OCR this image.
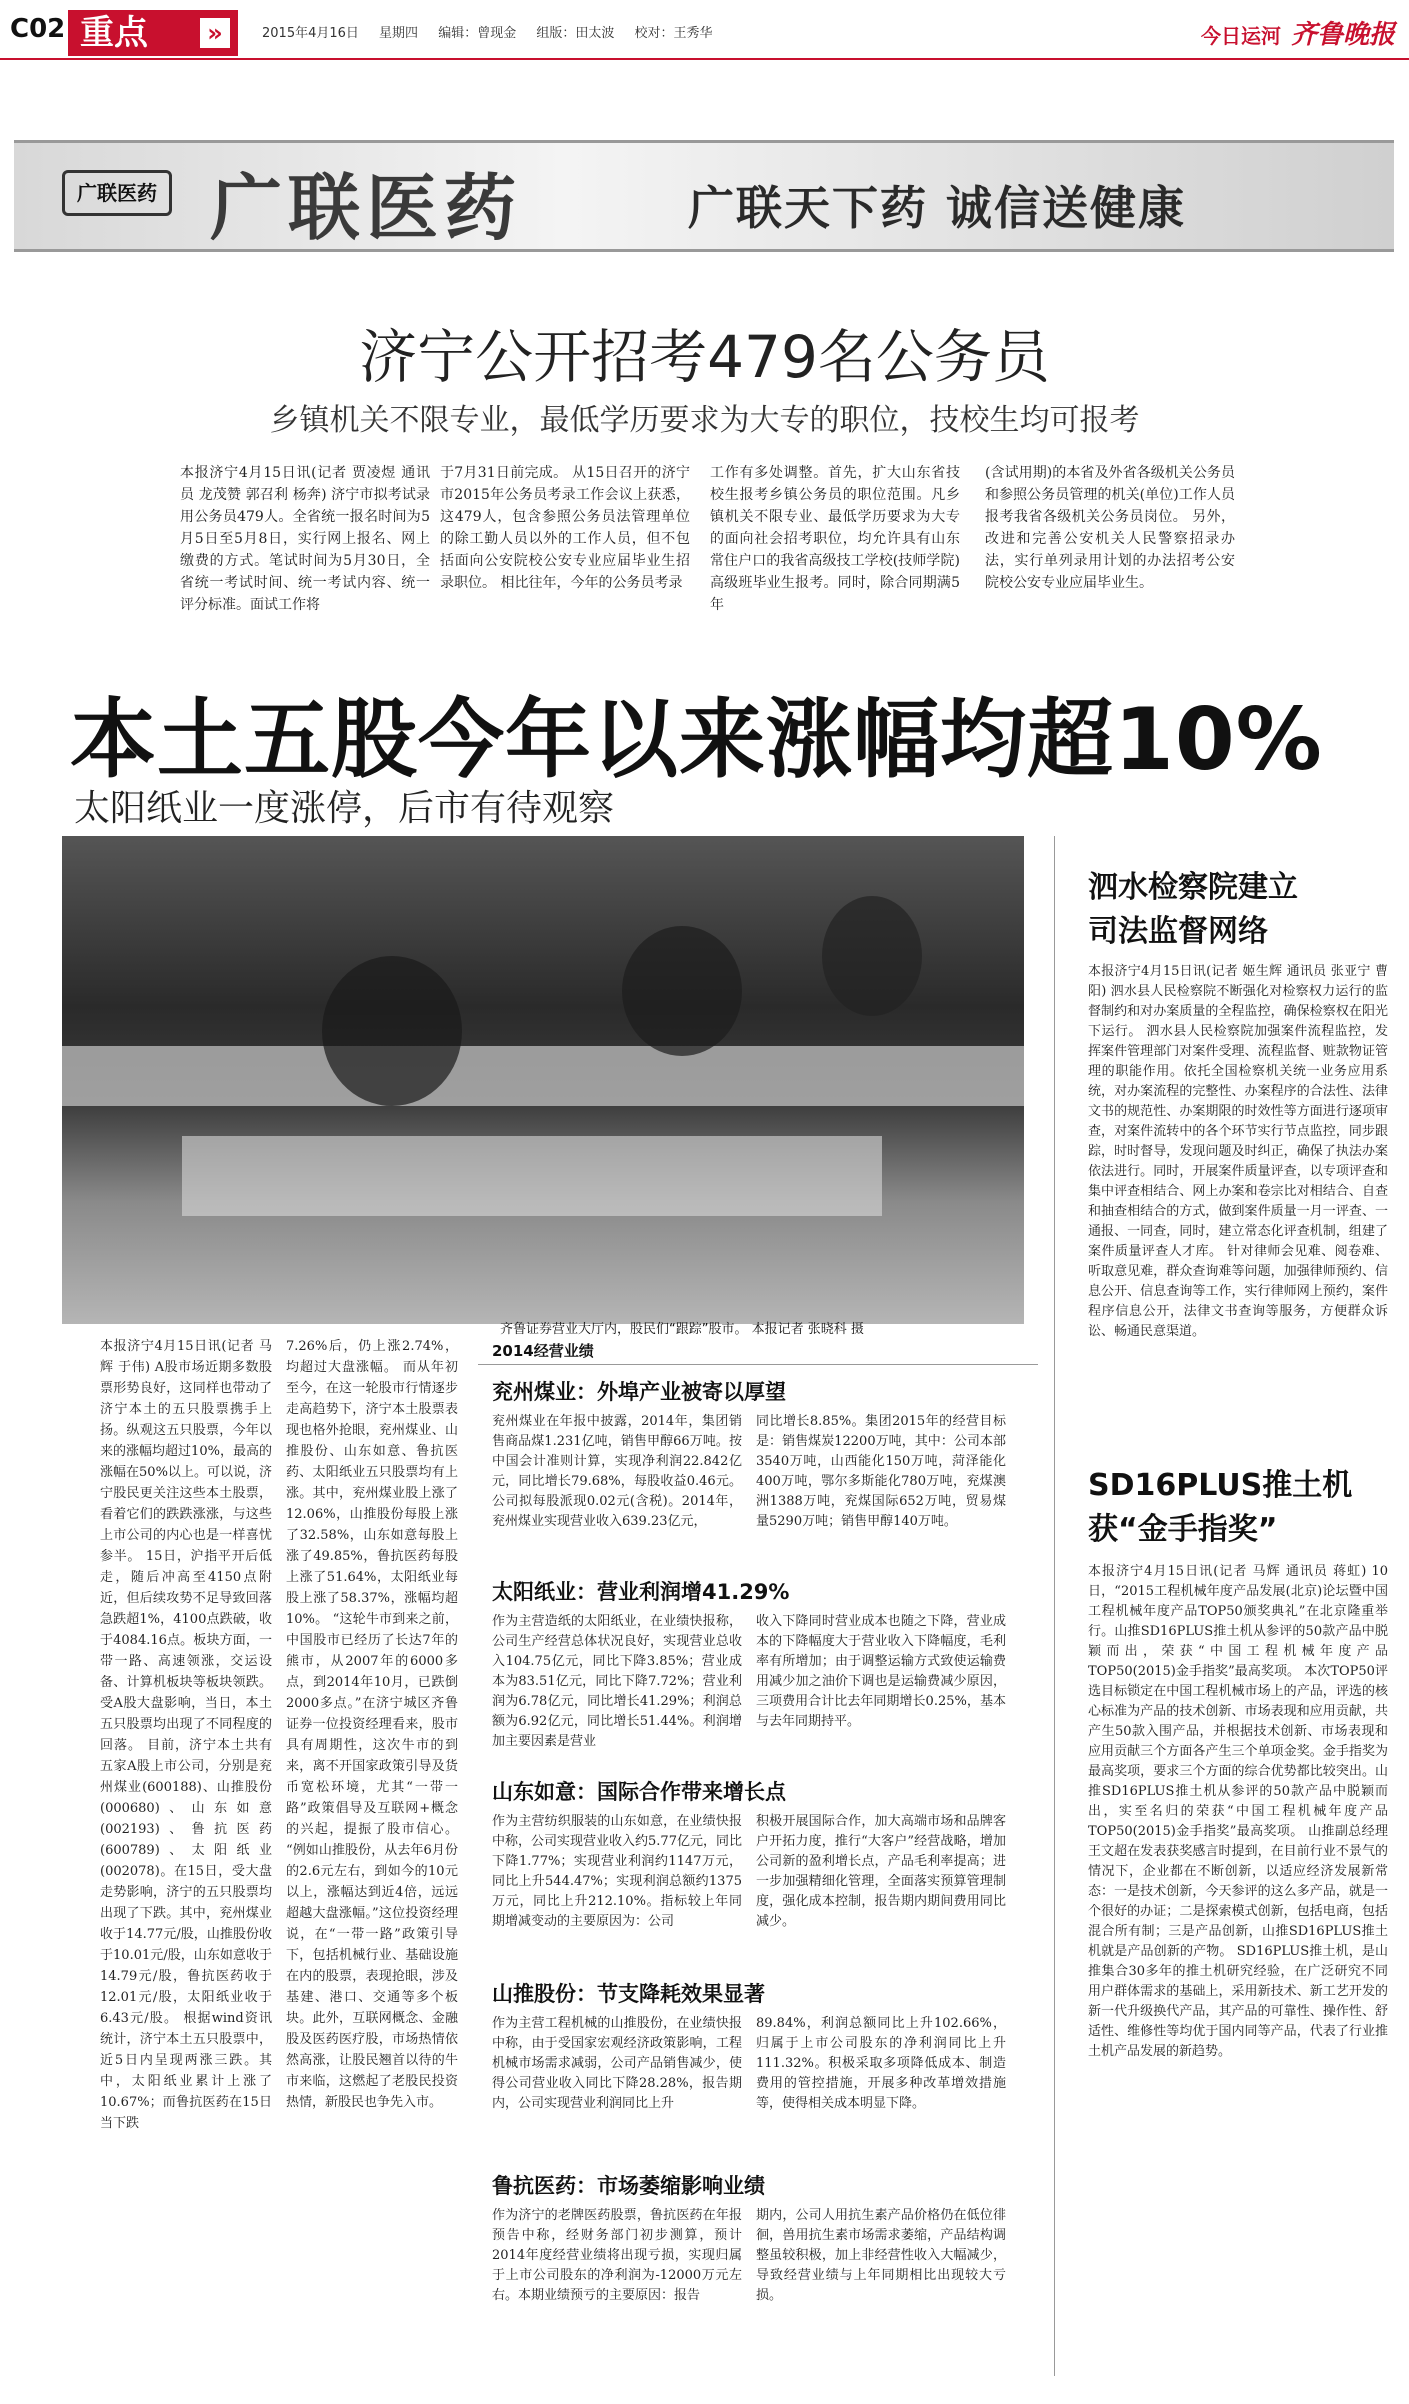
C02 重点	»	2015年4月16日 星期四 编辑：曾现金 组版：田太波 校对：王秀华	今日运河 齐鲁晚报
广联医药 广联医药	广联天下药 诚信送健康
济宁公开招考479名公务员
乡镇机关不限专业，最低学历要求为大专的职位，技校生均可报考
本报济宁4月15日讯(记者 贾凌煜 通讯员 龙茂赞 郭召利 杨奔) 济宁市拟考试录用公务员479人。全省统一报名时间为5月5日至5月8日，实行网上报名、网上缴费的方式。笔试时间为5月30日，全省统一考试时间、统一考试内容、统一评分标准。面试工作将
于7月31日前完成。 从15日召开的济宁市2015年公务员考录工作会议上获悉，这479人，包含参照公务员法管理单位的除工勤人员以外的工作人员，但不包括面向公安院校公安专业应届毕业生招录职位。 相比往年，今年的公务员考录
工作有多处调整。首先，扩大山东省技校生报考乡镇公务员的职位范围。凡乡镇机关不限专业、最低学历要求为大专的面向社会招考职位，均允许具有山东常住户口的我省高级技工学校(技师学院)高级班毕业生报考。同时，除合同期满5年
(含试用期)的本省及外省各级机关公务员和参照公务员管理的机关(单位)工作人员报考我省各级机关公务员岗位。 另外，改进和完善公安机关人民警察招录办法，实行单列录用计划的办法招考公安院校公安专业应届毕业生。
本土五股今年以来涨幅均超10%
太阳纸业一度涨停，后市有待观察
齐鲁证券营业大厅内，股民们“跟踪”股市。 本报记者 张晓科 摄
本报济宁4月15日讯(记者 马辉 于伟) A股市场近期多数股票形势良好，这同样也带动了济宁本土的五只股票携手上扬。纵观这五只股票，今年以来的涨幅均超过10%，最高的涨幅在50%以上。可以说，济宁股民更关注这些本土股票，看着它们的跌跌涨涨，与这些上市公司的内心也是一样喜忧参半。 15日，沪指平开后低走，随后冲高至4150点附近，但后续攻势不足导致回落急跌超1%，4100点跌破，收于4084.16点。板块方面，一带一路、高速领涨，交运设备、计算机板块等板块领跌。受A股大盘影响，当日，本土五只股票均出现了不同程度的回落。 目前，济宁本土共有五家A股上市公司，分别是兖州煤业(600188)、山推股份(000680)、山东如意(002193)、鲁抗医药(600789)、太阳纸业(002078)。在15日，受大盘走势影响，济宁的五只股票均出现了下跌。其中，兖州煤业收于14.77元/股，山推股份收于10.01元/股，山东如意收于14.79元/股，鲁抗医药收于12.01元/股，太阳纸业收于6.43元/股。 根据wind资讯统计，济宁本土五只股票中，近5日内呈现两涨三跌。其中，太阳纸业累计上涨了10.67%；而鲁抗医药在15日当下跌
7.26%后，仍上涨2.74%，均超过大盘涨幅。 而从年初至今，在这一轮股市行情逐步走高趋势下，济宁本土股票表现也格外抢眼，兖州煤业、山推股份、山东如意、鲁抗医药、太阳纸业五只股票均有上涨。其中，兖州煤业股上涨了12.06%，山推股份每股上涨了32.58%，山东如意每股上涨了49.85%，鲁抗医药每股上涨了51.64%，太阳纸业每股上涨了58.37%，涨幅均超10%。 “这轮牛市到来之前，中国股市已经历了长达7年的熊市，从2007年的6000多点，到2014年10月，已跌倒2000多点。”在济宁城区齐鲁证券一位投资经理看来，股市具有周期性，这次牛市的到来，离不开国家政策引导及货币宽松环境，尤其“一带一路”政策倡导及互联网+概念的兴起，提振了股市信心。 “例如山推股份，从去年6月份的2.6元左右，到如今的10元以上，涨幅达到近4倍，远远超越大盘涨幅。”这位投资经理说，在“一带一路”政策引导下，包括机械行业、基础设施在内的股票，表现抢眼，涉及基建、港口、交通等多个板块。此外，互联网概念、金融股及医药医疗股，市场热情依然高涨，让股民翘首以待的牛市来临，这燃起了老股民投资热情，新股民也争先入市。
2014经营业绩
兖州煤业：外埠产业被寄以厚望
兖州煤业在年报中披露，2014年，集团销售商品煤1.231亿吨，销售甲醇66万吨。按中国会计准则计算，实现净利润22.842亿元，同比增长79.68%，每股收益0.46元。公司拟每股派现0.02元(含税)。2014年，兖州煤业实现营业收入639.23亿元，
同比增长8.85%。集团2015年的经营目标是：销售煤炭12200万吨，其中：公司本部3540万吨，山西能化150万吨，菏泽能化400万吨，鄂尔多斯能化780万吨，兖煤澳洲1388万吨，兖煤国际652万吨，贸易煤量5290万吨；销售甲醇140万吨。
太阳纸业：营业利润增41.29%
作为主营造纸的太阳纸业，在业绩快报称，公司生产经营总体状况良好，实现营业总收入104.75亿元，同比下降3.85%；营业成本为83.51亿元，同比下降7.72%；营业利润为6.78亿元，同比增长41.29%；利润总额为6.92亿元，同比增长51.44%。利润增加主要因素是营业
收入下降同时营业成本也随之下降，营业成本的下降幅度大于营业收入下降幅度，毛利率有所增加；由于调整运输方式致使运输费用减少加之油价下调也是运输费减少原因，三项费用合计比去年同期增长0.25%，基本与去年同期持平。
山东如意：国际合作带来增长点
作为主营纺织服装的山东如意，在业绩快报中称，公司实现营业收入约5.77亿元，同比下降1.77%；实现营业利润约1147万元，同比上升544.47%；实现利润总额约1375万元，同比上升212.10%。指标较上年同期增减变动的主要原因为：公司
积极开展国际合作，加大高端市场和品牌客户开拓力度，推行“大客户”经营战略，增加公司新的盈利增长点，产品毛利率提高；进一步加强精细化管理，全面落实预算管理制度，强化成本控制，报告期内期间费用同比减少。
山推股份：节支降耗效果显著
作为主营工程机械的山推股份，在业绩快报中称，由于受国家宏观经济政策影响，工程机械市场需求减弱，公司产品销售减少，使得公司营业收入同比下降28.28%，报告期内，公司实现营业利润同比上升
89.84%，利润总额同比上升102.66%，归属于上市公司股东的净利润同比上升111.32%。积极采取多项降低成本、制造费用的管控措施，开展多种改革增效措施等，使得相关成本明显下降。
鲁抗医药：市场萎缩影响业绩
作为济宁的老牌医药股票，鲁抗医药在年报预告中称，经财务部门初步测算，预计2014年度经营业绩将出现亏损，实现归属于上市公司股东的净利润为-12000万元左右。本期业绩预亏的主要原因：报告
期内，公司人用抗生素产品价格仍在低位徘徊，兽用抗生素市场需求萎缩，产品结构调整虽较积极，加上非经营性收入大幅减少，导致经营业绩与上年同期相比出现较大亏损。
泗水检察院建立
司法监督网络
本报济宁4月15日讯(记者 姬生辉 通讯员 张亚宁 曹阳) 泗水县人民检察院不断强化对检察权力运行的监督制约和对办案质量的全程监控，确保检察权在阳光下运行。 泗水县人民检察院加强案件流程监控，发挥案件管理部门对案件受理、流程监督、赃款物证管理的职能作用。依托全国检察机关统一业务应用系统，对办案流程的完整性、办案程序的合法性、法律文书的规范性、办案期限的时效性等方面进行逐项审查，对案件流转中的各个环节实行节点监控，同步跟踪，时时督导，发现问题及时纠正，确保了执法办案依法进行。同时，开展案件质量评查，以专项评查和集中评查相结合、网上办案和卷宗比对相结合、自查和抽查相结合的方式，做到案件质量一月一评查、一通报、一同查，同时，建立常态化评查机制，组建了案件质量评查人才库。 针对律师会见难、阅卷难、听取意见难，群众查询难等问题，加强律师预约、信息公开、信息查询等工作，实行律师网上预约，案件程序信息公开，法律文书查询等服务，方便群众诉讼、畅通民意渠道。
SD16PLUS推土机
获“金手指奖”
本报济宁4月15日讯(记者 马辉 通讯员 蒋虹) 10日，“2015工程机械年度产品发展(北京)论坛暨中国工程机械年度产品TOP50颁奖典礼”在北京隆重举行。山推SD16PLUS推土机从参评的50款产品中脱颖而出，荣获“中国工程机械年度产品TOP50(2015)金手指奖”最高奖项。 本次TOP50评选目标锁定在中国工程机械市场上的产品，评选的核心标准为产品的技术创新、市场表现和应用贡献，共产生50款入围产品，并根据技术创新、市场表现和应用贡献三个方面各产生三个单项金奖。金手指奖为最高奖项，要求三个方面的综合优势都比较突出。山推SD16PLUS推土机从参评的50款产品中脱颖而出，实至名归的荣获“中国工程机械年度产品TOP50(2015)金手指奖”最高奖项。 山推副总经理王文超在发表获奖感言时提到，在目前行业不景气的情况下，企业都在不断创新，以适应经济发展新常态：一是技术创新，今天参评的这么多产品，就是一个很好的办证；二是探索模式创新，包括电商，包括混合所有制；三是产品创新，山推SD16PLUS推土机就是产品创新的产物。 SD16PLUS推土机，是山推集合30多年的推土机研究经验，在广泛研究不同用户群体需求的基础上，采用新技术、新工艺开发的新一代升级换代产品，其产品的可靠性、操作性、舒适性、维修性等均优于国内同等产品，代表了行业推土机产品发展的新趋势。
